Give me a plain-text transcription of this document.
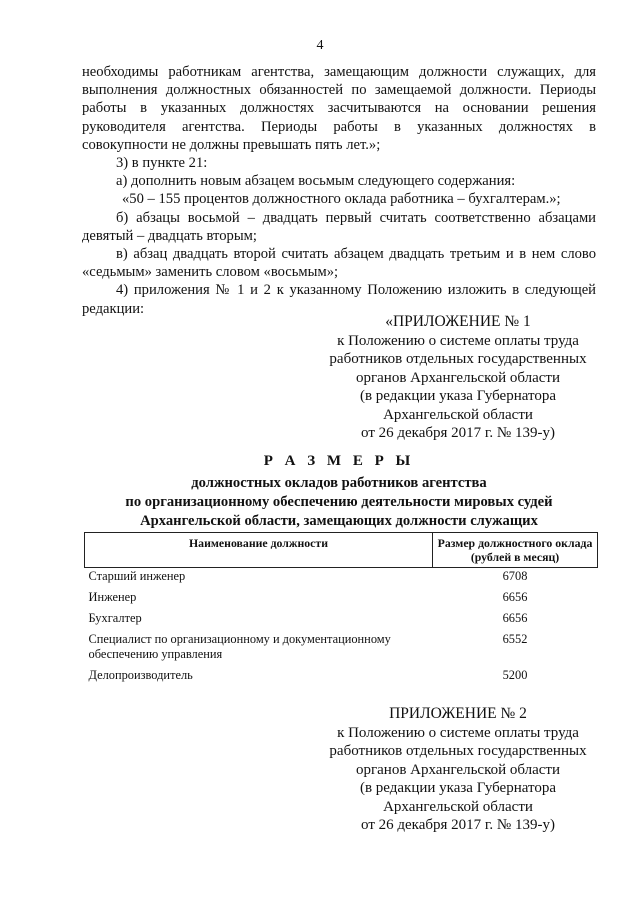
4

необходимы работникам агентства, замещающим должности служащих, для выполнения должностных обязанностей по замещаемой должности. Периоды работы в указанных должностях засчитываются на основании решения руководителя агентства. Периоды работы в указанных должностях в совокупности не должны превышать пять лет.»;

3) в пункте 21:

а) дополнить новым абзацем восьмым следующего содержания:

«50 – 155 процентов должностного оклада работника – бухгалтерам.»;

б) абзацы восьмой – двадцать первый считать соответственно абзацами девятый – двадцать вторым;

в) абзац двадцать второй считать абзацем двадцать третьим и в нем слово «седьмым» заменить словом «восьмым»;

4) приложения № 1 и 2 к указанному Положению изложить в следующей редакции:

«ПРИЛОЖЕНИЕ № 1
к Положению о системе оплаты труда
работников отдельных государственных
органов Архангельской области
(в редакции указа Губернатора
Архангельской области
от 26 декабря 2017 г. № 139-у)
Р А З М Е Р Ы
должностных окладов работников агентства
по организационному обеспечению деятельности мировых судей
Архангельской области, замещающих должности служащих
Наименование должности	Размер должностного оклада (рублей в месяц)
Старший инженер	6708
Инженер	6656
Бухгалтер	6656
Специалист по организационному и документационному обеспечению управления	6552
Делопроизводитель	5200
ПРИЛОЖЕНИЕ № 2
к Положению о системе оплаты труда
работников отдельных государственных
органов Архангельской области
(в редакции указа Губернатора
Архангельской области
от 26 декабря 2017 г. № 139-у)
